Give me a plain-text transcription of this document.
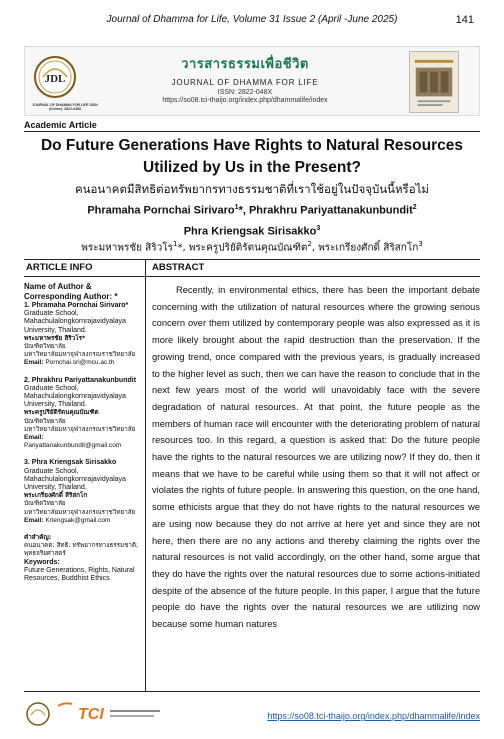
Journal of Dhamma for Life, Volume 31 Issue 2 (April -June 2025)	141
JDL
JOURNAL OF DHAMMA FOR LIFE ISSN (Online): 2822-048X
วารสารธรรมเพื่อชีวิต
JOURNAL OF DHAMMA FOR LIFE
ISSN: 2822-048X
https://so08.tci-thaijo.org/index.php/dhammalife/index
Academic Article
Do Future Generations Have Rights to Natural Resources Utilized by Us in the Present?
คนอนาคตมีสิทธิต่อทรัพยากรทางธรรมชาติที่เราใช้อยู่ในปัจจุบันนี้หรือไม่
Phramaha Pornchai Sirivaro$^1$*, Phrakhru Pariyattanakunbundit$^2$
Phra Kriengsak Sirisakko$^3$
พระมหาพรชัย สิริวโร$^1$*, พระครูปริยัติรัตนคุณบัณฑิต$^2$, พระเกรียงศักดิ์ สิริสกโก$^3$
ARTICLE INFO	ABSTRACT
Name of Author & Corresponding Author: *
1. Phramaha Pornchai Sirivaro*
Graduate School, Mahachulalongkornrajavidyalaya University, Thailand.
พระมหาพรชัย สิริวโร*
บัณฑิตวิทยาลัย
มหาวิทยาลัยมหาจุฬาลงกรณราชวิทยาลัย
Email: Pornchai.sri@mcu.ac.th
2. Phrakhru Pariyattanakunbundit
Graduate School, Mahachulalongkornrajavidyalaya University, Thailand.
พระครูปริยัติรัตนคุณบัณฑิต
บัณฑิตวิทยาลัย
มหาวิทยาลัยมหาจุฬาลงกรณราชวิทยาลัย
Email:
Pariyattanakunbundit@gmail.com
3. Phra Kriengsak Sirisakko
Graduate School, Mahachulalongkornrajavidyalaya University, Thailand.
พระเกรียงศักดิ์ สิริสกโก
บัณฑิตวิทยาลัย
มหาวิทยาลัยมหาจุฬาลงกรณราชวิทยาลัย
Email: Kriengsak@gmail.com
คำสำคัญ:
คนอนาคต; สิทธิ; ทรัพยากรทางธรรมชาติ; พุทธจริยศาสตร์
Keywords:
Future Generations, Rights, Natural Resources, Buddhist Ethics

Recently, in environmental ethics, there has been the important debate concerning with the utilization of natural resources where the growing serious concern over them utilized by contemporary people was also expressed as it is more likely brought about the rapid destruction than the preservation. If the growing trend, once compared with the previous years, is gradually increased to the higher level as such, then we can have the reason to conclude that in the next few years most of the world will unavoidably face with the severe degradation of natural resources. At that point, the future people as the members of human race will encounter with the deteriorating problem of natural resources too. In this regard, a question is asked that: Do the future people have the rights to the natural resources we are utilizing now? If they do, then it means that we have to be careful while using them so that it will not affect or violates the rights of future people. In answering this question, on the one hand, some ethicists argue that they do not have rights to the natural resources we are using now because they do not arrive at here yet and since they are not here, then there are no any actions and thereby claiming the rights over the natural resources is not valid accordingly, on the other hand, some argue that they do have the rights over the natural resources due to some actions-initiated despite of the absence of the future people. In this paper, I argue that the future people do have the rights over the natural resources we are utilizing now because some human natures

TCI	https://so08.tci-thaijo.org/index.php/dhammalife/index
